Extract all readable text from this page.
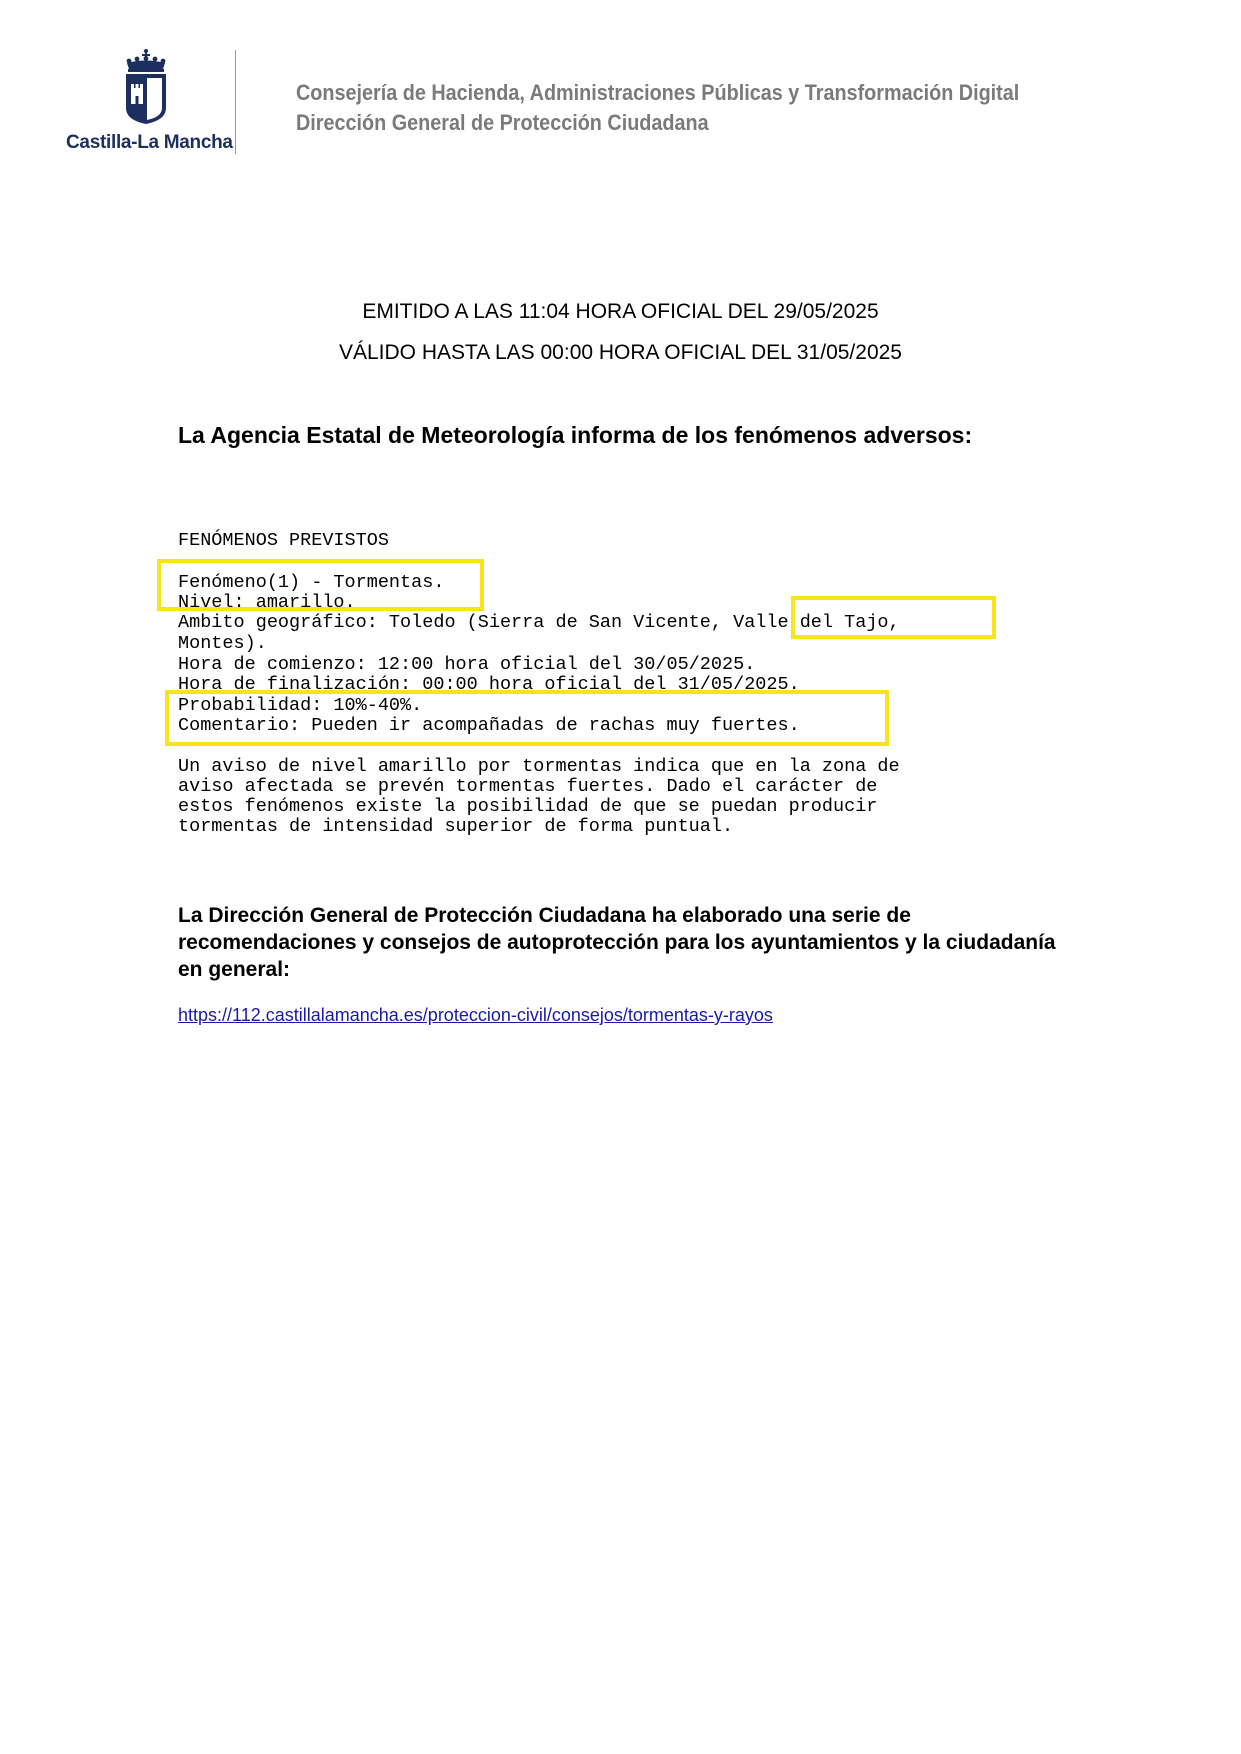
Castilla-La Mancha
Consejería de Hacienda, Administraciones Públicas y Transformación Digital
Dirección General de Protección Ciudadana
EMITIDO A LAS 11:04 HORA OFICIAL DEL 29/05/2025
VÁLIDO HASTA LAS 00:00 HORA OFICIAL DEL 31/05/2025
La Agencia Estatal de Meteorología informa de los fenómenos adversos:
FENÓMENOS PREVISTOS
Fenómeno(1) - Tormentas.
Nivel: amarillo.
Ambito geográfico: Toledo (Sierra de San Vicente, Valle del Tajo,
Montes).
Hora de comienzo: 12:00 hora oficial del 30/05/2025.
Hora de finalización: 00:00 hora oficial del 31/05/2025.
Probabilidad: 10%-40%.
Comentario: Pueden ir acompañadas de rachas muy fuertes.
Un aviso de nivel amarillo por tormentas indica que en la zona de
aviso afectada se prevén tormentas fuertes. Dado el carácter de
estos fenómenos existe la posibilidad de que se puedan producir
tormentas de intensidad superior de forma puntual.
La Dirección General de Protección Ciudadana ha elaborado una serie de recomendaciones y consejos de autoprotección para los ayuntamientos y la ciudadanía en general:
https://112.castillalamancha.es/proteccion-civil/consejos/tormentas-y-rayos
